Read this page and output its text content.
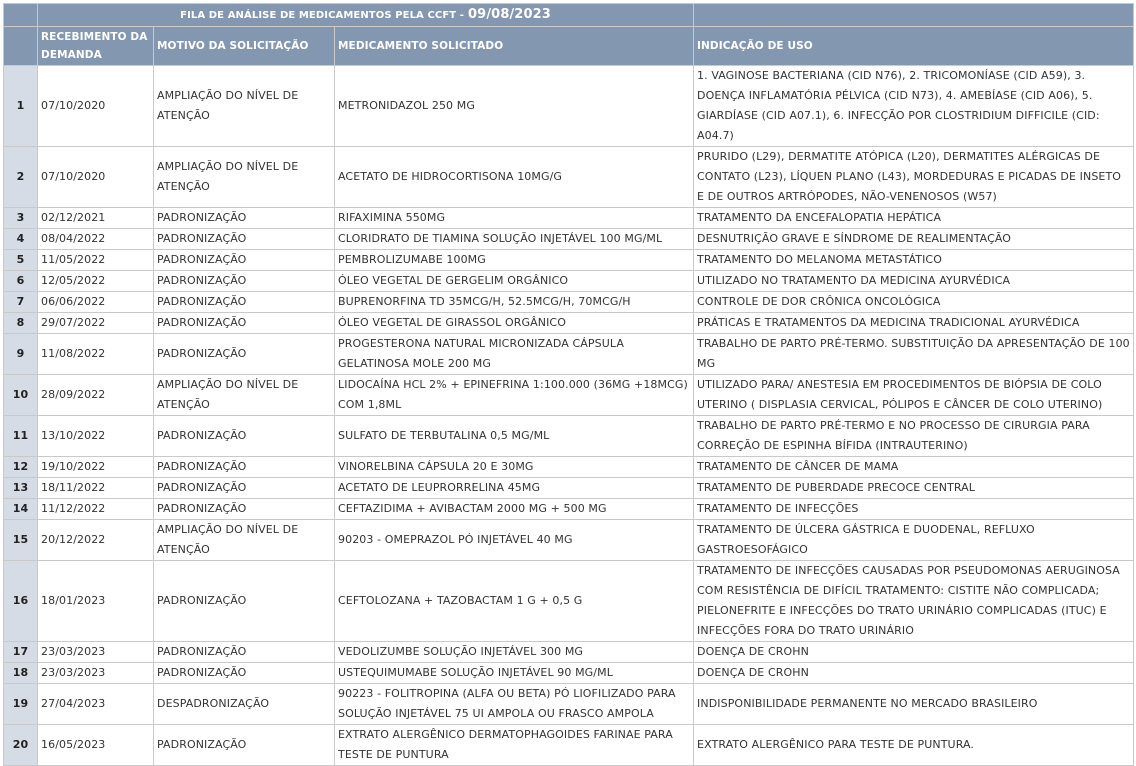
	FILA DE ANÁLISE DE MEDICAMENTOS PELA CCFT - 09/08/2023			
	RECEBIMENTO DA DEMANDA	MOTIVO DA SOLICITAÇÃO	MEDICAMENTO SOLICITADO	INDICAÇÃO DE USO
1	07/10/2020	AMPLIAÇÃO DO NÍVEL DE ATENÇÃO	METRONIDAZOL 250 MG	1. VAGINOSE BACTERIANA (CID N76), 2. TRICOMONÍASE (CID A59), 3. DOENÇA INFLAMATÓRIA PÉLVICA (CID N73), 4. AMEBÍASE (CID A06), 5. GIARDÍASE (CID A07.1), 6. INFECÇÃO POR CLOSTRIDIUM DIFFICILE (CID: A04.7)
2	07/10/2020	AMPLIAÇÃO DO NÍVEL DE ATENÇÃO	ACETATO DE HIDROCORTISONA 10MG/G	PRURIDO (L29), DERMATITE ATÓPICA (L20), DERMATITES ALÉRGICAS DE CONTATO (L23), LÍQUEN PLANO (L43), MORDEDURAS E PICADAS DE INSETO E DE OUTROS ARTRÓPODES, NÃO-VENENOSOS (W57)
3	02/12/2021	PADRONIZAÇÃO	RIFAXIMINA 550MG	TRATAMENTO DA ENCEFALOPATIA HEPÁTICA
4	08/04/2022	PADRONIZAÇÃO	CLORIDRATO DE TIAMINA SOLUÇÃO INJETÁVEL 100 MG/ML	DESNUTRIÇÃO GRAVE E SÍNDROME DE REALIMENTAÇÃO
5	11/05/2022	PADRONIZAÇÃO	PEMBROLIZUMABE 100MG	TRATAMENTO DO MELANOMA METASTÁTICO
6	12/05/2022	PADRONIZAÇÃO	ÓLEO VEGETAL DE GERGELIM ORGÂNICO	UTILIZADO NO TRATAMENTO DA MEDICINA AYURVÉDICA
7	06/06/2022	PADRONIZAÇÃO	BUPRENORFINA TD 35MCG/H, 52.5MCG/H, 70MCG/H	CONTROLE DE DOR CRÔNICA ONCOLÓGICA
8	29/07/2022	PADRONIZAÇÃO	ÓLEO VEGETAL DE GIRASSOL ORGÂNICO	PRÁTICAS E TRATAMENTOS DA MEDICINA TRADICIONAL AYURVÉDICA
9	11/08/2022	PADRONIZAÇÃO	PROGESTERONA NATURAL MICRONIZADA CÁPSULA GELATINOSA MOLE 200 MG	TRABALHO DE PARTO PRÉ-TERMO. SUBSTITUIÇÃO DA APRESENTAÇÃO DE 100 MG
10	28/09/2022	AMPLIAÇÃO DO NÍVEL DE ATENÇÃO	LIDOCAÍNA HCL 2% + EPINEFRINA 1:100.000 (36MG +18MCG) COM 1,8ML	UTILIZADO PARA/ ANESTESIA EM PROCEDIMENTOS DE BIÓPSIA DE COLO UTERINO ( DISPLASIA CERVICAL, PÓLIPOS E CÂNCER DE COLO UTERINO)
11	13/10/2022	PADRONIZAÇÃO	SULFATO DE TERBUTALINA 0,5 MG/ML	TRABALHO DE PARTO PRÉ-TERMO E NO PROCESSO DE CIRURGIA PARA CORREÇÃO DE ESPINHA BÍFIDA (INTRAUTERINO)
12	19/10/2022	PADRONIZAÇÃO	VINORELBINA CÁPSULA 20 E 30MG	TRATAMENTO DE CÂNCER DE MAMA
13	18/11/2022	PADRONIZAÇÃO	ACETATO DE LEUPRORRELINA 45MG	TRATAMENTO DE PUBERDADE PRECOCE CENTRAL
14	11/12/2022	PADRONIZAÇÃO	CEFTAZIDIMA + AVIBACTAM 2000 MG + 500 MG	TRATAMENTO DE INFECÇÕES
15	20/12/2022	AMPLIAÇÃO DO NÍVEL DE ATENÇÃO	90203 - OMEPRAZOL PÓ INJETÁVEL 40 MG	TRATAMENTO DE ÚLCERA GÁSTRICA E DUODENAL, REFLUXO GASTROESOFÁGICO
16	18/01/2023	PADRONIZAÇÃO	CEFTOLOZANA + TAZOBACTAM 1 G + 0,5 G	TRATAMENTO DE INFECÇÕES CAUSADAS POR PSEUDOMONAS AERUGINOSA COM RESISTÊNCIA DE DIFÍCIL TRATAMENTO: CISTITE NÃO COMPLICADA; PIELONEFRITE E INFECÇÕES DO TRATO URINÁRIO COMPLICADAS (ITUC) E INFECÇÕES FORA DO TRATO URINÁRIO
17	23/03/2023	PADRONIZAÇÃO	VEDOLIZUMBE SOLUÇÃO INJETÁVEL 300 MG	DOENÇA DE CROHN
18	23/03/2023	PADRONIZAÇÃO	USTEQUIMUMABE SOLUÇÃO INJETÁVEL 90 MG/ML	DOENÇA DE CROHN
19	27/04/2023	DESPADRONIZAÇÃO	90223 - FOLITROPINA (ALFA OU BETA) PÓ LIOFILIZADO PARA SOLUÇÃO INJETÁVEL 75 UI AMPOLA OU FRASCO AMPOLA	INDISPONIBILIDADE PERMANENTE NO MERCADO BRASILEIRO
20	16/05/2023	PADRONIZAÇÃO	EXTRATO ALERGÊNICO DERMATOPHAGOIDES FARINAE PARA TESTE DE PUNTURA	EXTRATO ALERGÊNICO PARA TESTE DE PUNTURA.
